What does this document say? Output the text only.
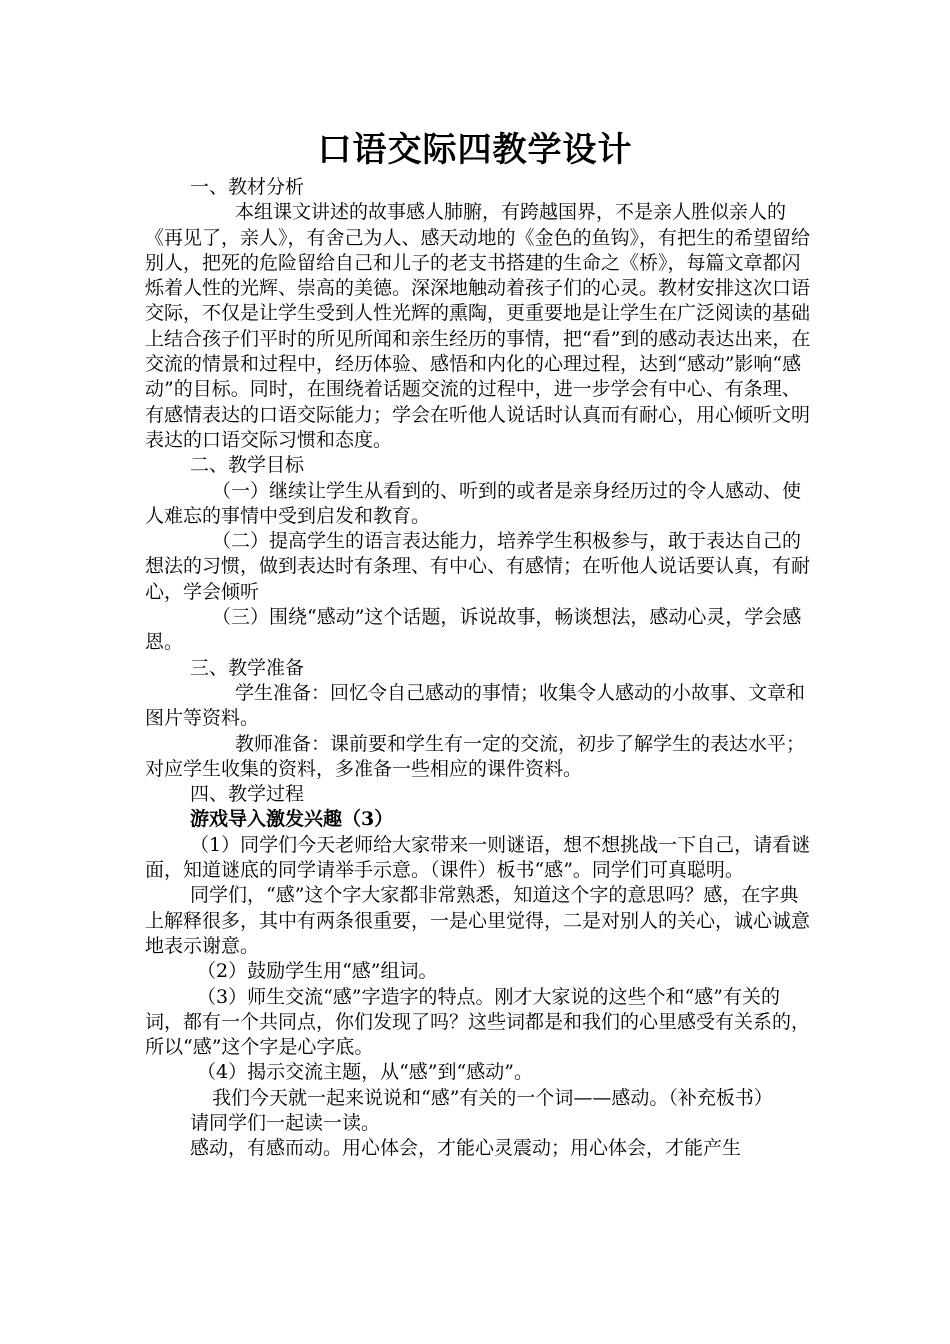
口语交际四教学设计

一、教材分析

本组课文讲述的故事感人肺腑，有跨越国界，不是亲人胜似亲人的《再见了，亲人》，有舍己为人、感天动地的《金色的鱼钩》，有把生的希望留给别人，把死的危险留给自己和儿子的老支书搭建的生命之《桥》，每篇文章都闪烁着人性的光辉、崇高的美德。深深地触动着孩子们的心灵。教材安排这次口语交际，不仅是让学生受到人性光辉的熏陶，更重要地是让学生在广泛阅读的基础上结合孩子们平时的所见所闻和亲生经历的事情，把“看”到的感动表达出来，在交流的情景和过程中，经历体验、感悟和内化的心理过程，达到“感动”影响“感动”的目标。同时，在围绕着话题交流的过程中，进一步学会有中心、有条理、有感情表达的口语交际能力；学会在听他人说话时认真而有耐心，用心倾听文明表达的口语交际习惯和态度。

二、教学目标

（一）继续让学生从看到的、听到的或者是亲身经历过的令人感动、使人难忘的事情中受到启发和教育。

（二）提高学生的语言表达能力，培养学生积极参与，敢于表达自己的想法的习惯，做到表达时有条理、有中心、有感情；在听他人说话要认真，有耐心，学会倾听

（三）围绕“感动”这个话题，诉说故事，畅谈想法，感动心灵，学会感恩。

三、教学准备

学生准备：回忆令自己感动的事情；收集令人感动的小故事、文章和图片等资料。

教师准备：课前要和学生有一定的交流，初步了解学生的表达水平；对应学生收集的资料，多准备一些相应的课件资料。

四、教学过程

游戏导入激发兴趣（3）

（1）同学们今天老师给大家带来一则谜语，想不想挑战一下自己，请看谜面，知道谜底的同学请举手示意。（课件）板书“感”。同学们可真聪明。

同学们，“感”这个字大家都非常熟悉，知道这个字的意思吗？感，在字典上解释很多，其中有两条很重要，一是心里觉得，二是对别人的关心，诚心诚意地表示谢意。

（2）鼓励学生用“感”组词。

（3）师生交流“感”字造字的特点。刚才大家说的这些个和“感”有关的词，都有一个共同点，你们发现了吗？这些词都是和我们的心里感受有关系的，所以“感”这个字是心字底。

（4）揭示交流主题，从“感”到“感动”。

我们今天就一起来说说和“感”有关的一个词——感动。（补充板书）

请同学们一起读一读。

感动，有感而动。用心体会，才能心灵震动；用心体会，才能产生
